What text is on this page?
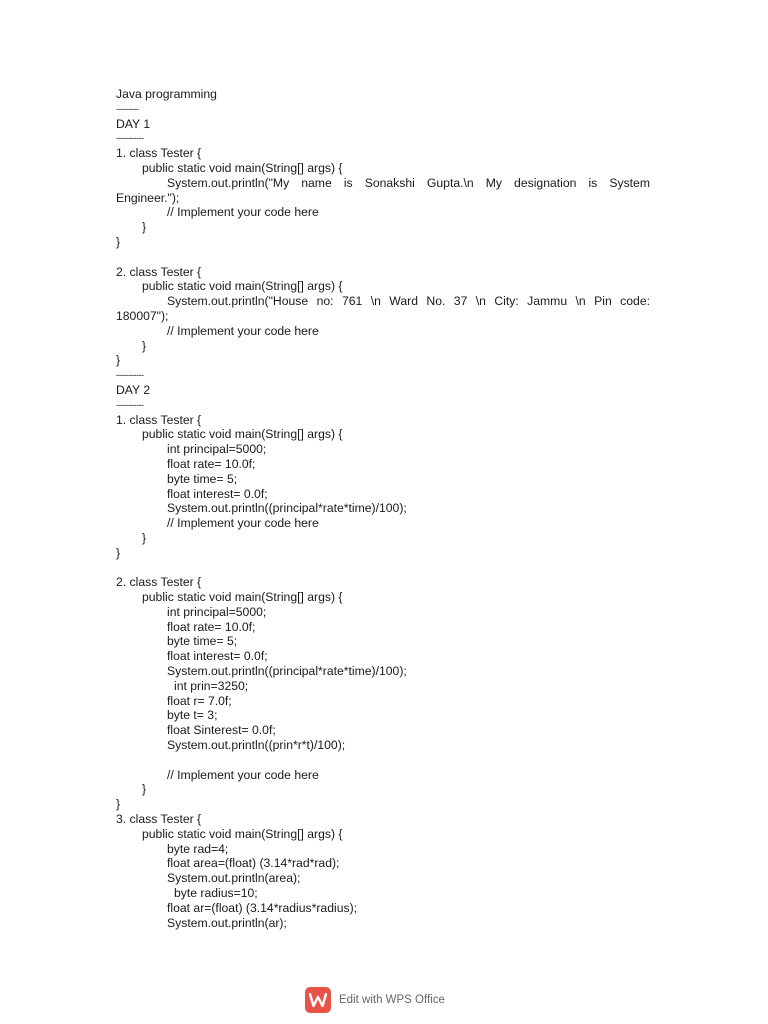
Java programming
---------
DAY 1
-----------
1. class Tester {
public static void main(String[] args) {
System.out.println("My name is Sonakshi Gupta.\n My designation is System
Engineer.");
// Implement your code here
}
}
2. class Tester {
public static void main(String[] args) {
System.out.println("House no: 761 \n Ward No. 37 \n City: Jammu \n Pin code:
180007");
// Implement your code here
}
}
-----------
DAY 2
-----------
1. class Tester {
public static void main(String[] args) {
int principal=5000;
float rate= 10.0f;
byte time= 5;
float interest= 0.0f;
System.out.println((principal*rate*time)/100);
// Implement your code here
}
}
2. class Tester {
public static void main(String[] args) {
int principal=5000;
float rate= 10.0f;
byte time= 5;
float interest= 0.0f;
System.out.println((principal*rate*time)/100);
int prin=3250;
float r= 7.0f;
byte t= 3;
float Sinterest= 0.0f;
System.out.println((prin*r*t)/100);
// Implement your code here
}
}
3. class Tester {
public static void main(String[] args) {
byte rad=4;
float area=(float) (3.14*rad*rad);
System.out.println(area);
byte radius=10;
float ar=(float) (3.14*radius*radius);
System.out.println(ar);
Edit with WPS Office
